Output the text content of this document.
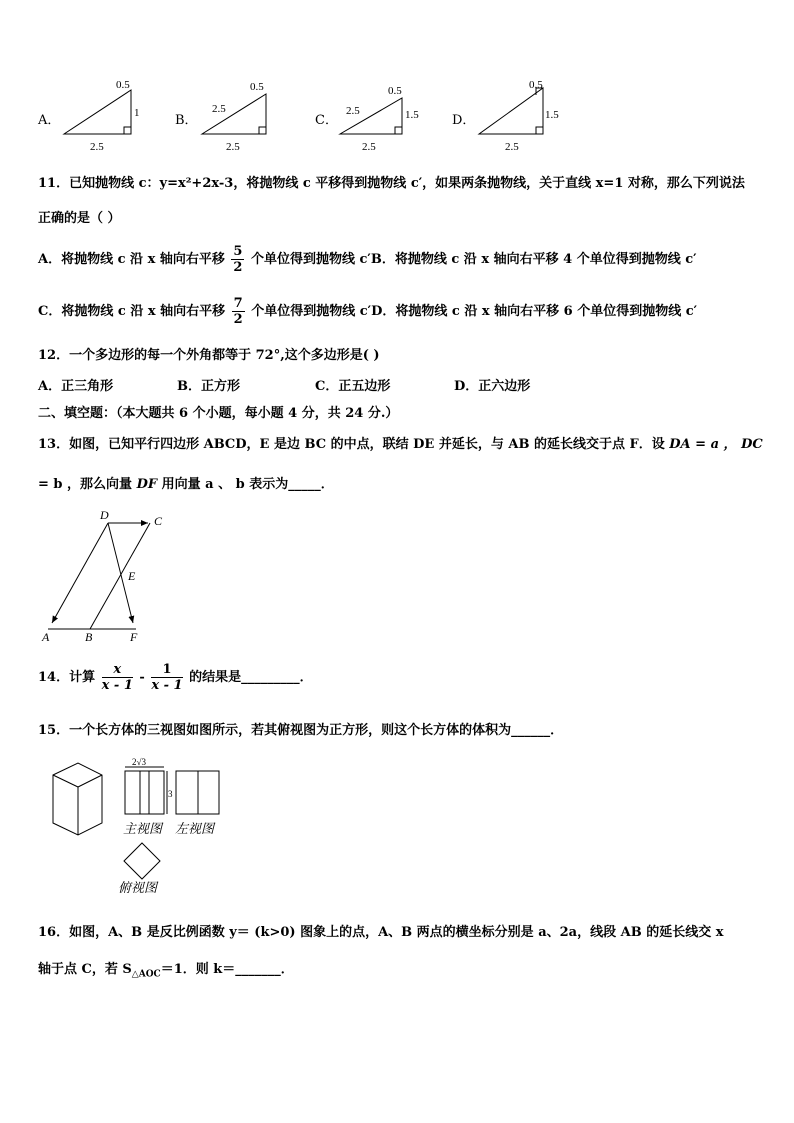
A．
0.5
1
2.5
B．
0.5
2.5
2.5
C．
0.5
2.5	1.5
2.5
D．
0.5
1.5
2.5
11．已知抛物线 c：y=x²+2x-3，将抛物线 c 平移得到抛物线 c′，如果两条抛物线，关于直线 x=1 对称，那么下列说法
正确的是（ ）
A．将抛物线 c 沿 x 轴向右平移 $\frac{5}{2}$ 个单位得到抛物线 c′B．将抛物线 c 沿 x 轴向右平移 4 个单位得到抛物线 c′
C．将抛物线 c 沿 x 轴向右平移 $\frac{7}{2}$ 个单位得到抛物线 c′D．将抛物线 c 沿 x 轴向右平移 6 个单位得到抛物线 c′
12．一个多边形的每一个外角都等于 72°,这个多边形是( )
A．正三角形	B．正方形	C．正五边形	D．正六边形
二、填空题：（本大题共 6 个小题，每小题 4 分，共 24 分.）
13．如图，已知平行四边形 ABCD，E 是边 BC 的中点，联结 DE 并延长，与 AB 的延长线交于点 F．设 DA = a ， DC
= b ，那么向量 DF 用向量 a 、 b 表示为_____．
D	C
E
A	B	F
14．计算 $\frac{x}{x - 1} - \frac{1}{x - 1}$ 的结果是_________．
15．一个长方体的三视图如图所示，若其俯视图为正方形，则这个长方体的体积为______．
2√3
3
主视图 左视图
俯视图
16．如图，A、B 是反比例函数 y＝ (k>0) 图象上的点，A、B 两点的横坐标分别是 a、2a，线段 AB 的延长线交 x
轴于点 C，若 $S_{\triangle AOC}=1$．则 k＝_______．
